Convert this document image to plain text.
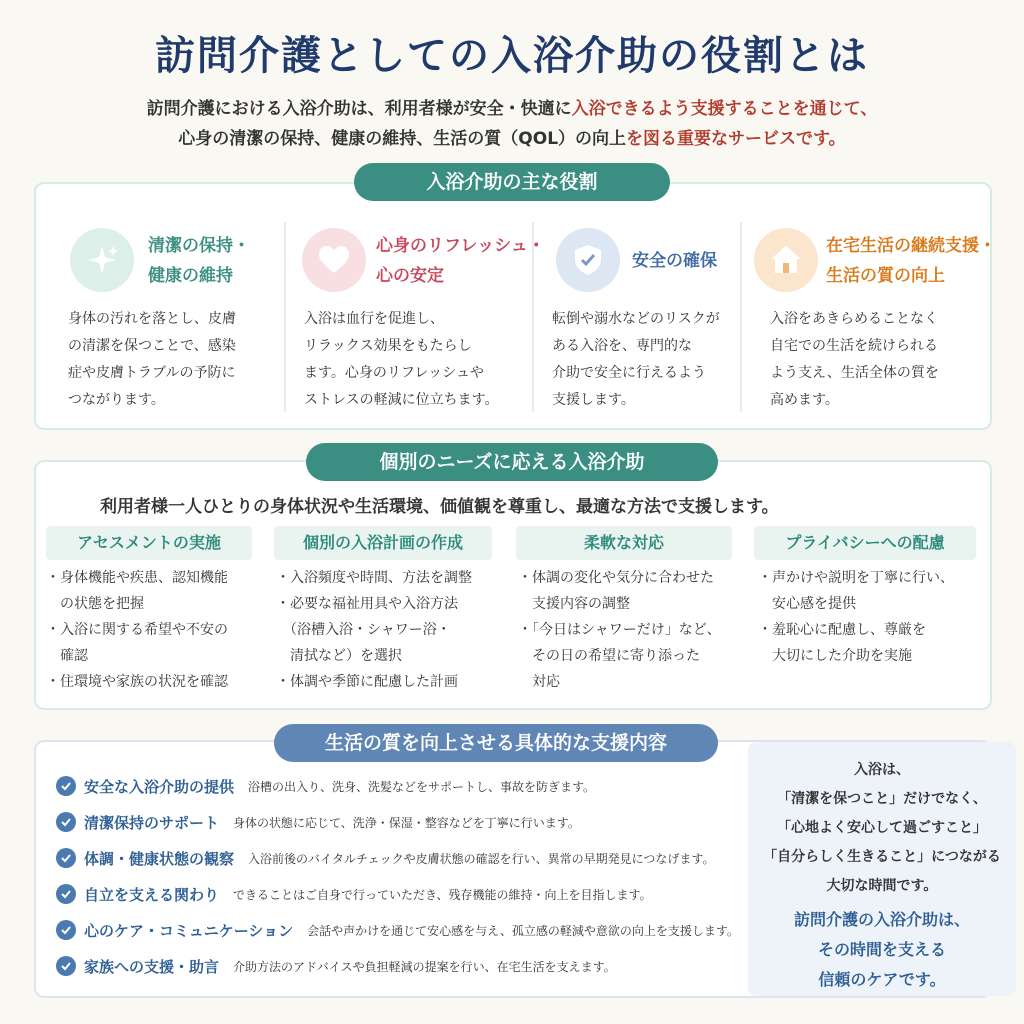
訪問介護としての入浴介助の役割とは
訪問介護における入浴介助は、利用者様が安全・快適に入浴できるよう支援することを通じて、
心身の清潔の保持、健康の維持、生活の質（QOL）の向上を図る重要なサービスです。
入浴介助の主な役割
清潔の保持・
健康の維持
身体の汚れを落とし、皮膚
の清潔を保つことで、感染
症や皮膚トラブルの予防に
つながります。
心身のリフレッシュ・
心の安定
入浴は血行を促進し、
リラックス効果をもたらし
ます。心身のリフレッシュや
ストレスの軽減に位立ちます。
安全の確保
転倒や溺水などのリスクが
ある入浴を、専門的な
介助で安全に行えるよう
支援します。
在宅生活の継続支援・
生活の質の向上
入浴をあきらめることなく
自宅での生活を続けられる
よう支え、生活全体の質を
高めます。
個別のニーズに応える入浴介助
利用者様一人ひとりの身体状況や生活環境、価値観を尊重し、最適な方法で支援します。
アセスメントの実施	個別の入浴計画の作成	柔軟な対応	プライバシーへの配慮
・身体機能や疾患、認知機能
　の状態を把握
・入浴に関する希望や不安の
　確認
・住環境や家族の状況を確認
・入浴頻度や時間、方法を調整
・必要な福祉用具や入浴方法
　（浴槽入浴・シャワー浴・
　清拭など）を選択
・体調や季節に配慮した計画
・体調の変化や気分に合わせた
　支援内容の調整
・「今日はシャワーだけ」など、
　その日の希望に寄り添った
　対応
・声かけや説明を丁寧に行い、
　安心感を提供
・羞恥心に配慮し、尊厳を
　大切にした介助を実施
生活の質を向上させる具体的な支援内容
安全な入浴介助の提供 浴槽の出入り、洗身、洗髪などをサポートし、事故を防ぎます。
清潔保持のサポート 身体の状態に応じて、洗浄・保湿・整容などを丁寧に行います。
体調・健康状態の観察 入浴前後のバイタルチェックや皮膚状態の確認を行い、異常の早期発見につなげます。
自立を支える関わり できることはご自身で行っていただき、残存機能の維持・向上を目指します。
心のケア・コミュニケーション 会話や声かけを通じて安心感を与え、孤立感の軽減や意欲の向上を支援します。
家族への支援・助言 介助方法のアドバイスや負担軽減の提案を行い、在宅生活を支えます。
入浴は、
「清潔を保つこと」だけでなく、
「心地よく安心して過ごすこと」
「自分らしく生きること」につながる
大切な時間です。
訪問介護の入浴介助は、
その時間を支える
信頼のケアです。
